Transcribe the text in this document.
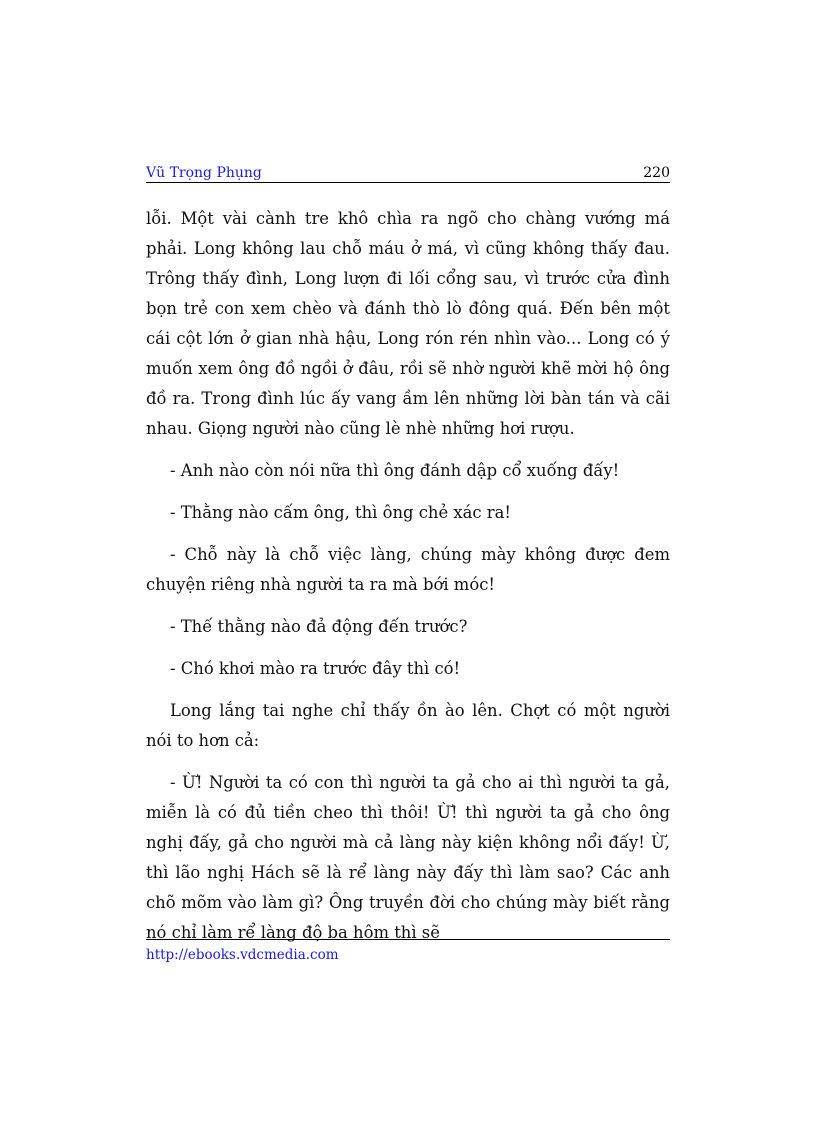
Vũ Trọng Phụng	220

lỗi. Một vài cành tre khô chìa ra ngõ cho chàng vướng má phải. Long không lau chỗ máu ở má, vì cũng không thấy đau. Trông thấy đình, Long lượn đi lối cổng sau, vì trước cửa đình bọn trẻ con xem chèo và đánh thò lò đông quá. Đến bên một cái cột lớn ở gian nhà hậu, Long rón rén nhìn vào... Long có ý muốn xem ông đồ ngồi ở đâu, rồi sẽ nhờ người khẽ mời hộ ông đồ ra. Trong đình lúc ấy vang ầm lên những lời bàn tán và cãi nhau. Giọng người nào cũng lè nhè những hơi rượu.

- Anh nào còn nói nữa thì ông đánh dập cổ xuống đấy!

- Thằng nào cấm ông, thì ông chẻ xác ra!

- Chỗ này là chỗ việc làng, chúng mày không được đem chuyện riêng nhà người ta ra mà bới móc!

- Thế thằng nào đả động đến trước?

- Chó khơi mào ra trước đây thì có!

Long lắng tai nghe chỉ thấy ồn ào lên. Chợt có một người nói to hơn cả:

- Ừ! Người ta có con thì người ta gả cho ai thì người ta gả, miễn là có đủ tiền cheo thì thôi! Ừ! thì người ta gả cho ông nghị đấy, gả cho người mà cả làng này kiện không nổi đấy! Ừ, thì lão nghị Hách sẽ là rể làng này đấy thì làm sao? Các anh chõ mõm vào làm gì? Ông truyền đời cho chúng mày biết rằng nó chỉ làm rể làng độ ba hôm thì sẽ

http://ebooks.vdcmedia.com
